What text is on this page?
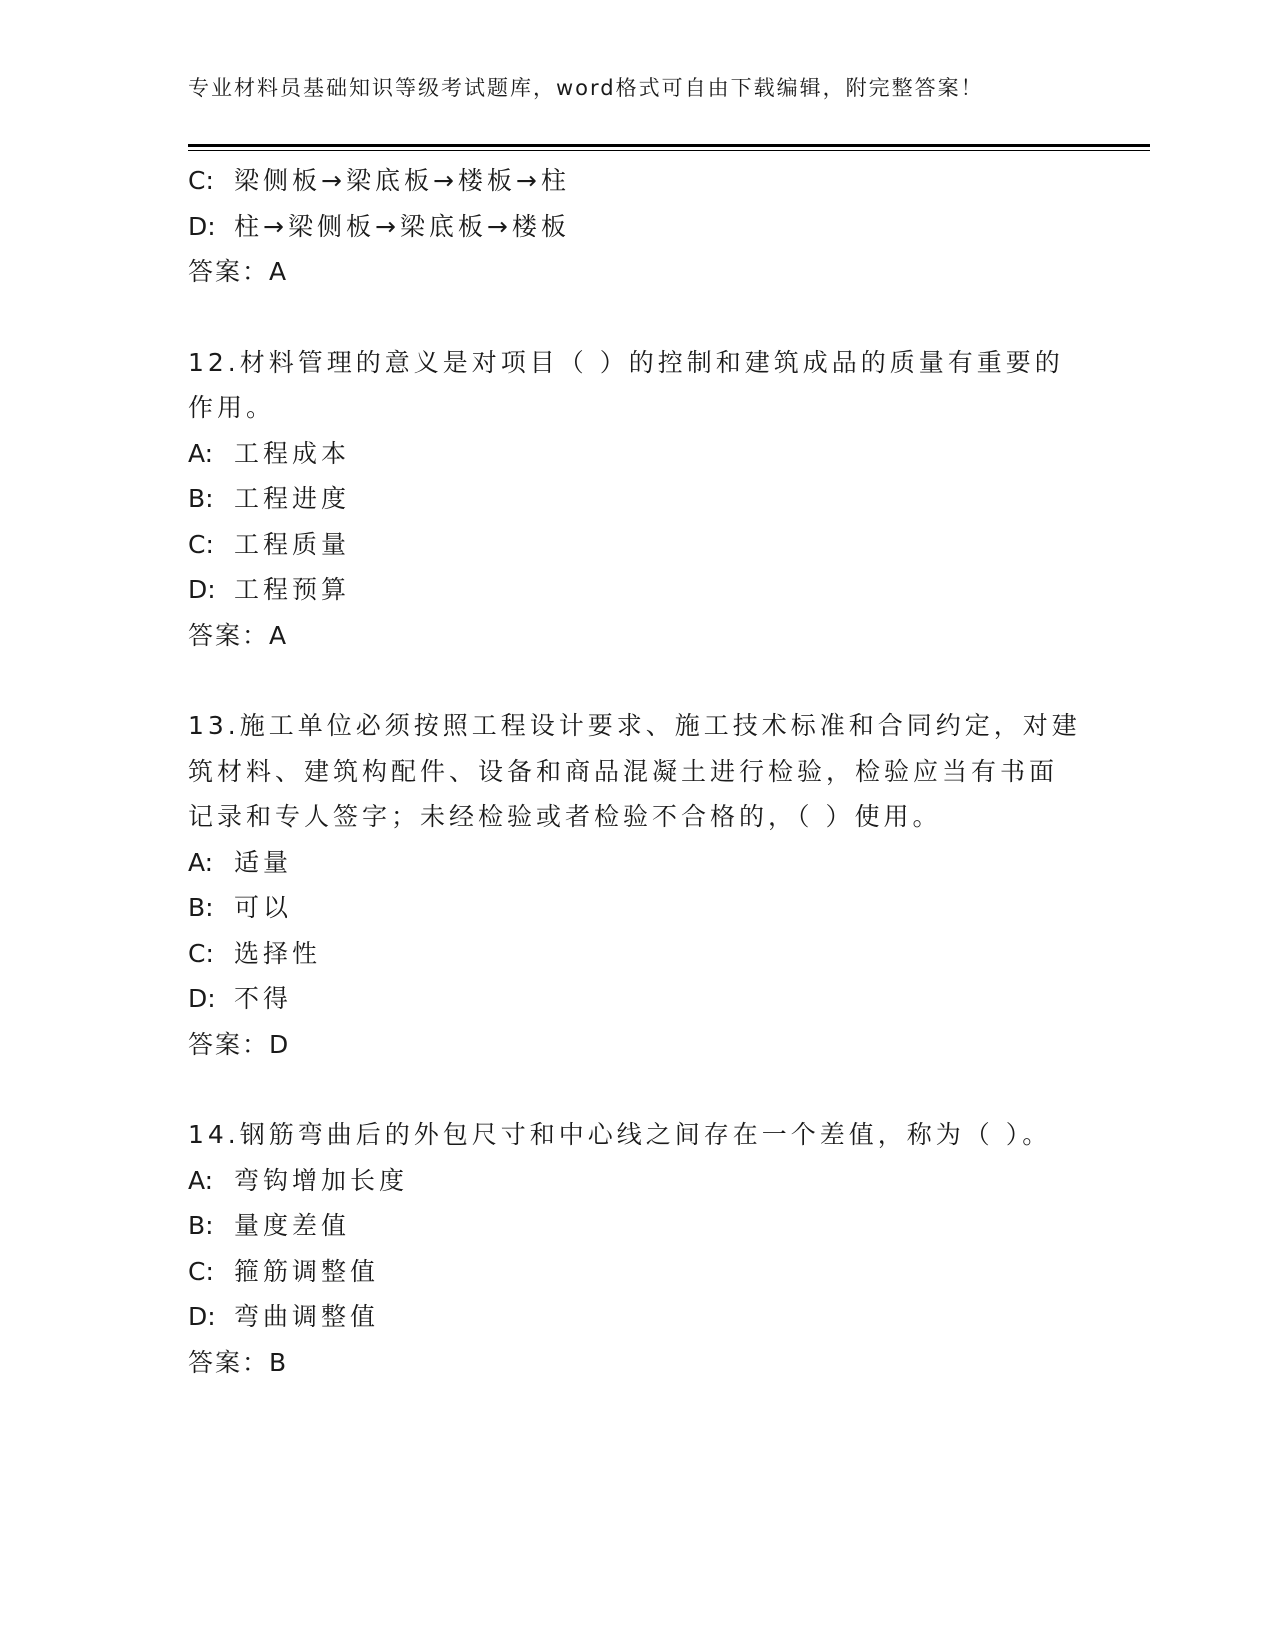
专业材料员基础知识等级考试题库，word格式可自由下载编辑，附完整答案！
C: 梁侧板→梁底板→楼板→柱
D: 柱→梁侧板→梁底板→楼板
答案：A
12.材料管理的意义是对项目（ ）的控制和建筑成品的质量有重要的
作用。
A: 工程成本
B: 工程进度
C: 工程质量
D: 工程预算
答案：A
13.施工单位必须按照工程设计要求、施工技术标准和合同约定，对建
筑材料、建筑构配件、设备和商品混凝土进行检验，检验应当有书面
记录和专人签字；未经检验或者检验不合格的，（ ）使用。
A: 适量
B: 可以
C: 选择性
D: 不得
答案：D
14.钢筋弯曲后的外包尺寸和中心线之间存在一个差值，称为（ ）。
A: 弯钩增加长度
B: 量度差值
C: 箍筋调整值
D: 弯曲调整值
答案：B
